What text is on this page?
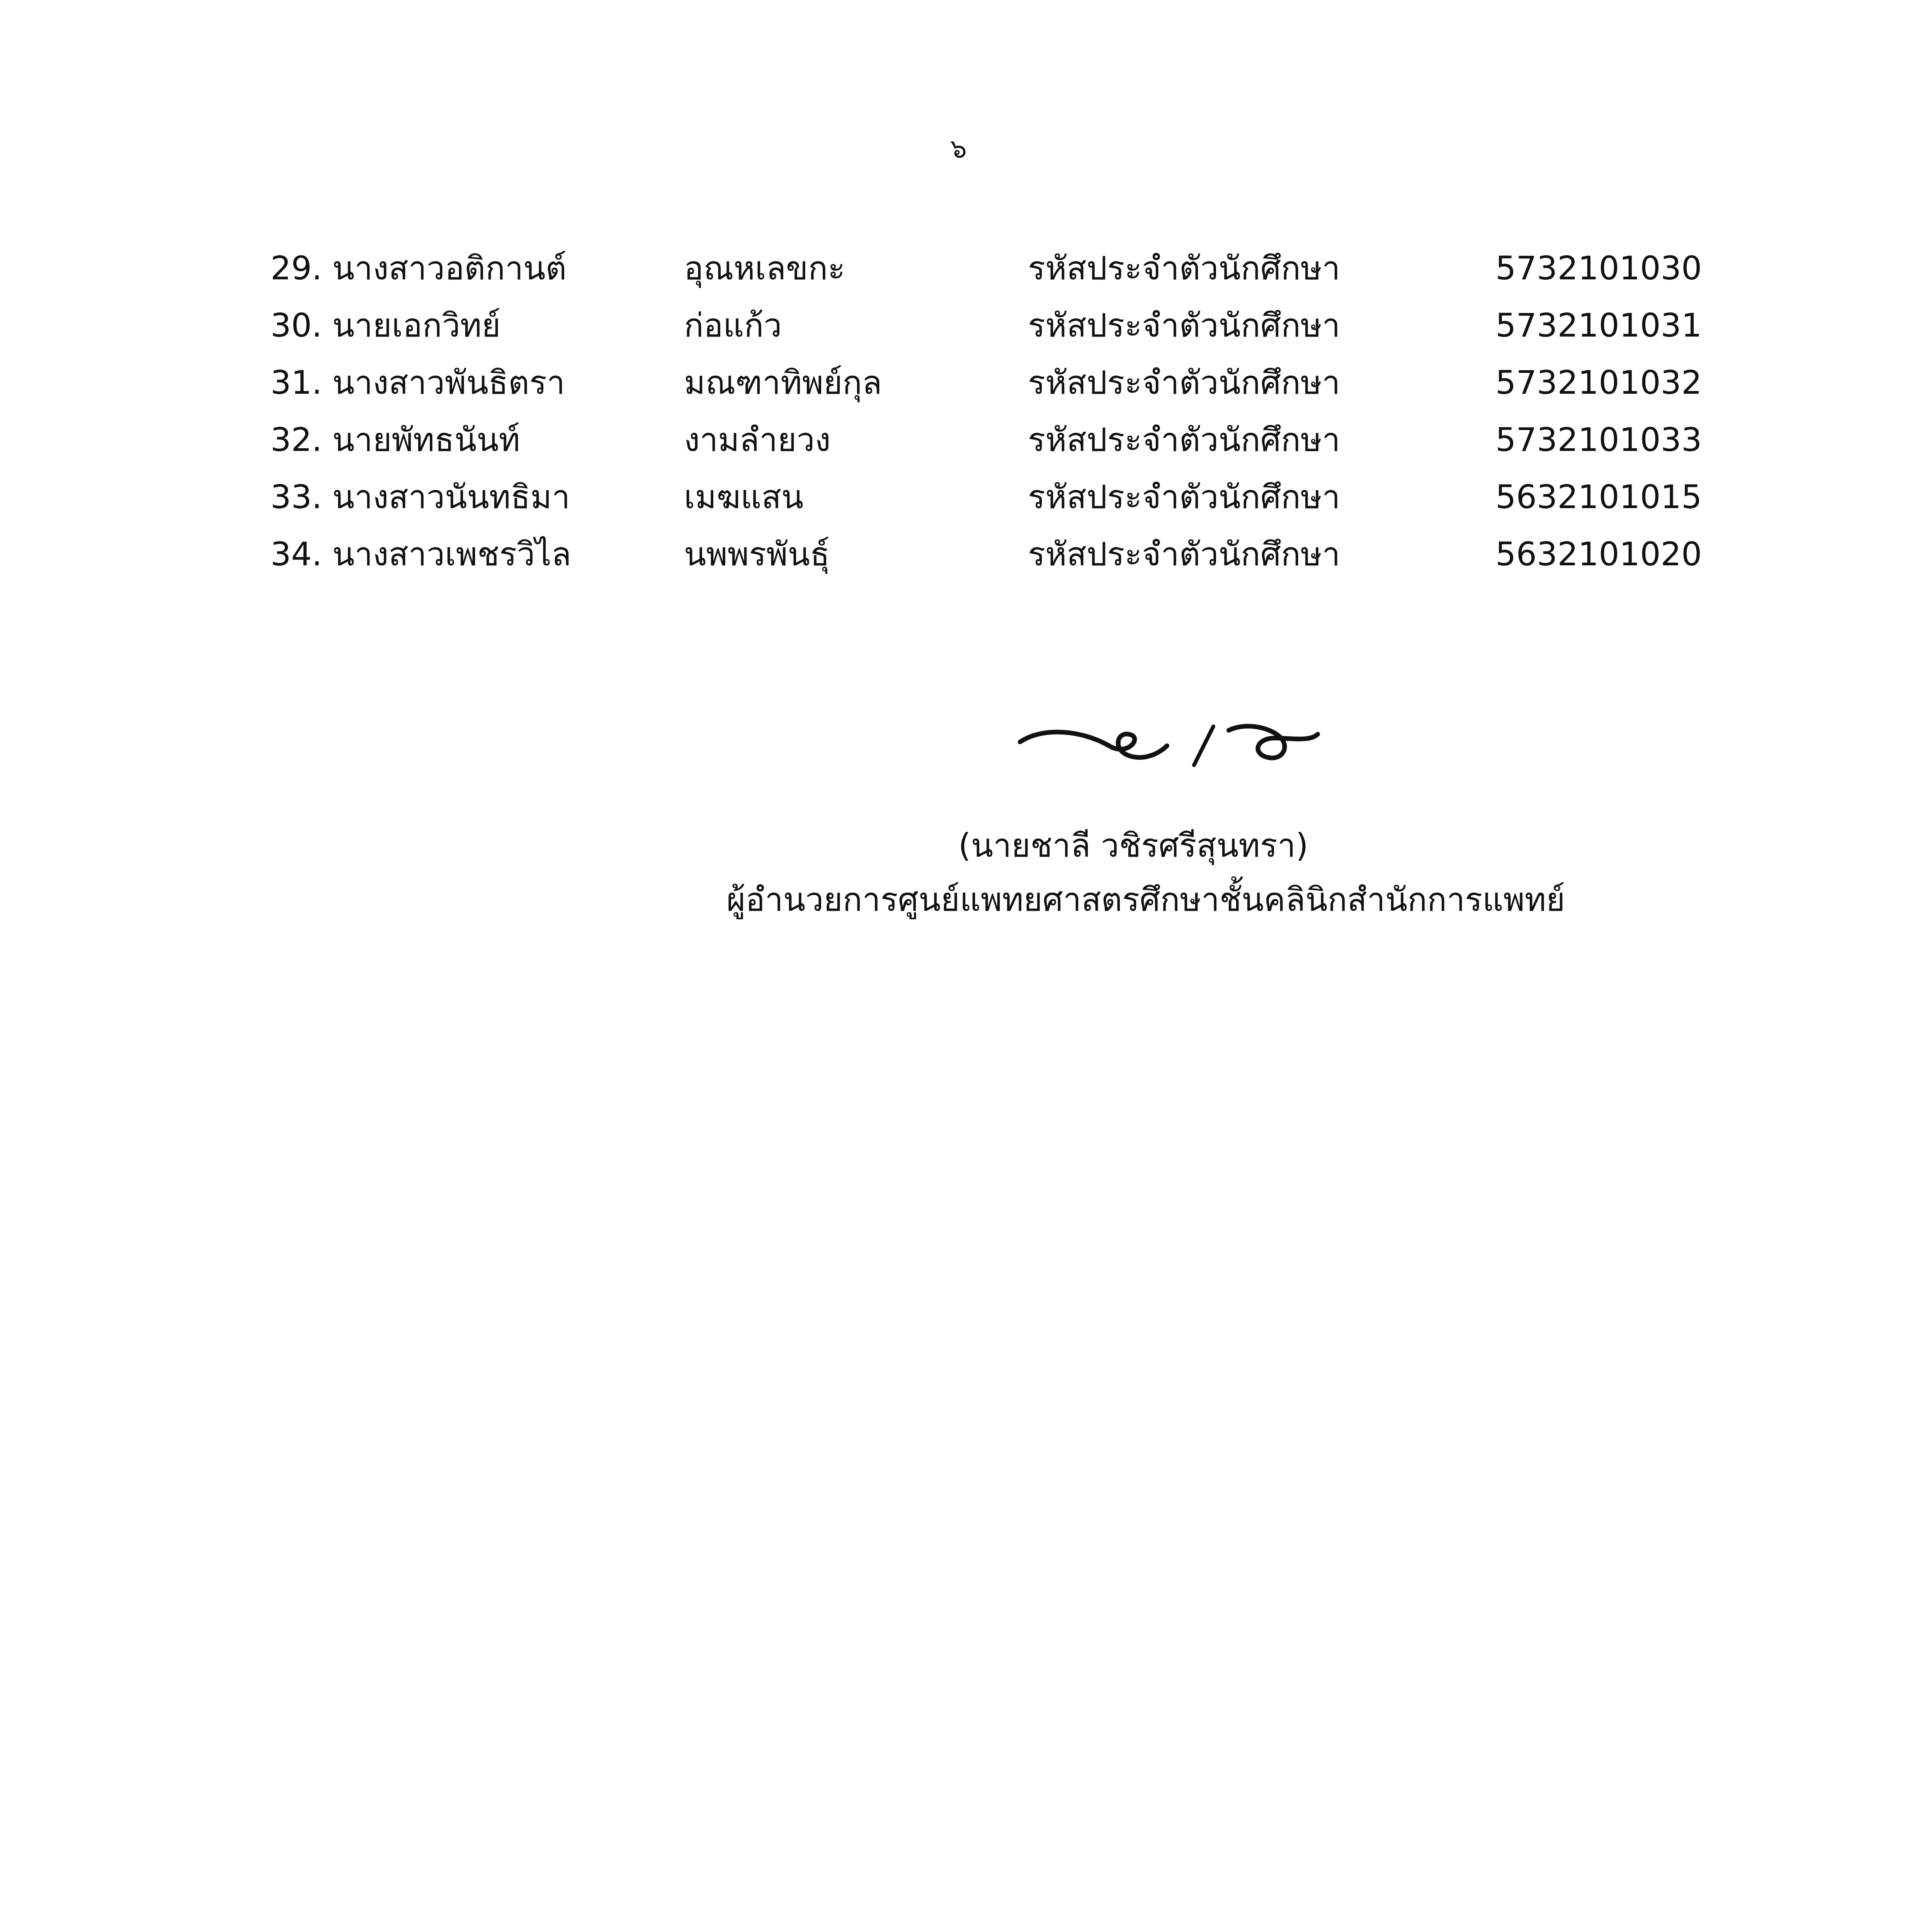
๖
29. นางสาวอติกานต์	อุณหเลขกะ	รหัสประจำตัวนักศึกษา	5732101030
30. นายเอกวิทย์	ก่อแก้ว	รหัสประจำตัวนักศึกษา	5732101031
31. นางสาวพันธิตรา	มณฑาทิพย์กุล	รหัสประจำตัวนักศึกษา	5732101032
32. นายพัทธนันท์	งามลำยวง	รหัสประจำตัวนักศึกษา	5732101033
33. นางสาวนันทธิมา	เมฆแสน	รหัสประจำตัวนักศึกษา	5632101015
34. นางสาวเพชรวิไล	นพพรพันธุ์	รหัสประจำตัวนักศึกษา	5632101020
(นายชาลี วชิรศรีสุนทรา)
ผู้อำนวยการศูนย์แพทยศาสตรศึกษาชั้นคลินิกสำนักการแพทย์
